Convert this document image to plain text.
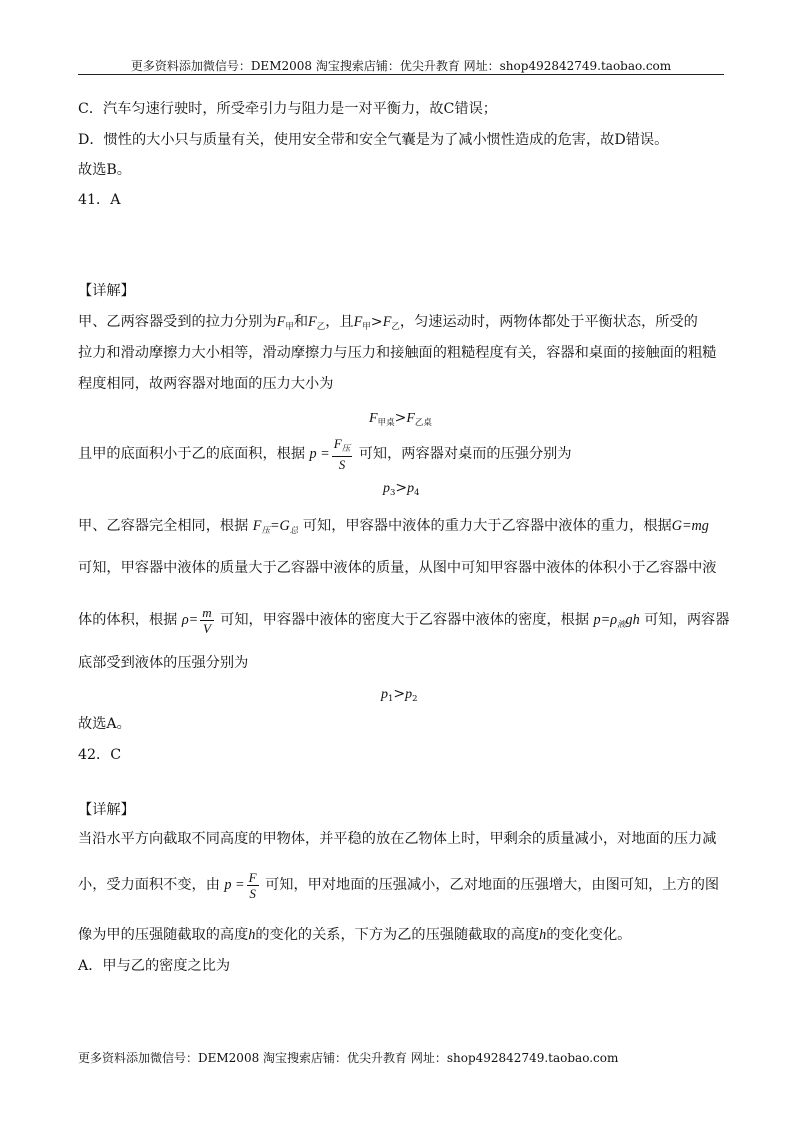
更多资料添加微信号：DEM2008 淘宝搜索店铺：优尖升教育 网址：shop492842749.taobao.com
C．汽车匀速行驶时，所受牵引力与阻力是一对平衡力，故C错误；
D．惯性的大小只与质量有关，使用安全带和安全气囊是为了减小惯性造成的危害，故D错误。
故选B。
41．A
【详解】
甲、乙两容器受到的拉力分别为$F_甲$和$F_乙$，且$F_甲>F_乙$，匀速运动时，两物体都处于平衡状态，所受的
拉力和滑动摩擦力大小相等，滑动摩擦力与压力和接触面的粗糙程度有关，容器和桌面的接触面的粗糙
程度相同，故两容器对地面的压力大小为
$F_{甲桌}>F_{乙桌}$
且甲的底面积小于乙的底面积，根据 $p = \frac{F_压}{S}$ 可知，两容器对桌而的压强分别为
$p_3>p_4$
甲、乙容器完全相同，根据 $F_压=G_总$ 可知，甲容器中液体的重力大于乙容器中液体的重力，根据G=mg
可知，甲容器中液体的质量大于乙容器中液体的质量，从图中可知甲容器中液体的体积小于乙容器中液
体的体积，根据 $\rho= \frac{m}{V}$ 可知，甲容器中液体的密度大于乙容器中液体的密度，根据 $p=\rho_液gh$ 可知，两容器
底部受到液体的压强分别为
$p_1>p_2$
故选A。
42．C
【详解】
当沿水平方向截取不同高度的甲物体，并平稳的放在乙物体上时，甲剩余的质量减小，对地面的压力减
小，受力面积不变，由 $p = \frac{F}{S}$ 可知，甲对地面的压强减小，乙对地面的压强增大，由图可知，上方的图
像为甲的压强随截取的高度h的变化的关系，下方为乙的压强随截取的高度h的变化变化。
A．甲与乙的密度之比为
更多资料添加微信号：DEM2008 淘宝搜索店铺：优尖升教育 网址：shop492842749.taobao.com
